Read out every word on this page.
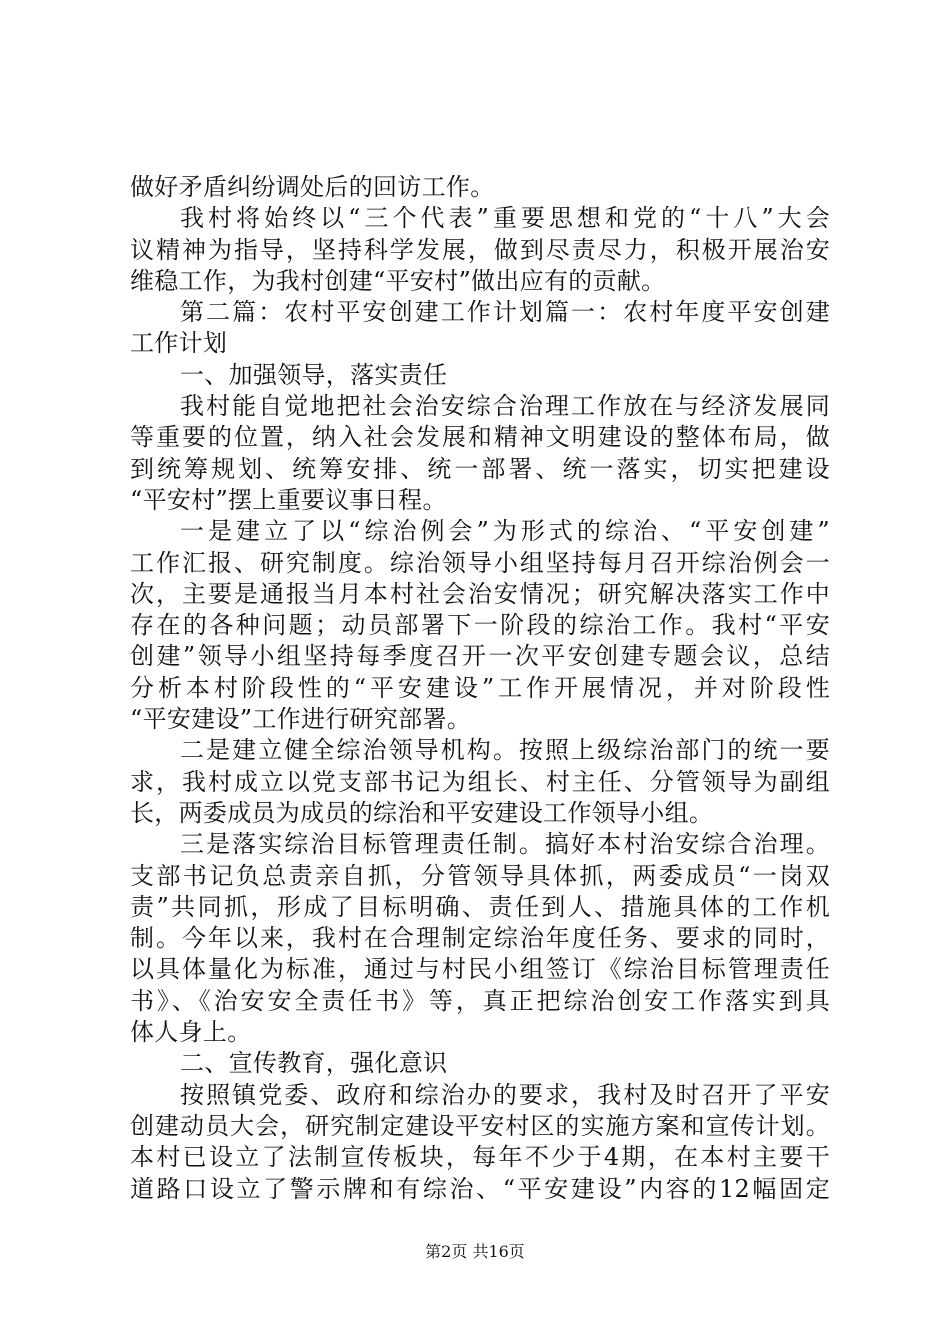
做好矛盾纠纷调处后的回访工作。
我村将始终以“三个代表”重要思想和党的“十八”大会
议精神为指导，坚持科学发展，做到尽责尽力，积极开展治安
维稳工作，为我村创建“平安村”做出应有的贡献。
第二篇：农村平安创建工作计划篇一：农村年度平安创建
工作计划
一、加强领导，落实责任
我村能自觉地把社会治安综合治理工作放在与经济发展同
等重要的位置，纳入社会发展和精神文明建设的整体布局，做
到统筹规划、统筹安排、统一部署、统一落实，切实把建设
“平安村”摆上重要议事日程。
一是建立了以“综治例会”为形式的综治、“平安创建”
工作汇报、研究制度。综治领导小组坚持每月召开综治例会一
次，主要是通报当月本村社会治安情况；研究解决落实工作中
存在的各种问题；动员部署下一阶段的综治工作。我村“平安
创建”领导小组坚持每季度召开一次平安创建专题会议，总结
分析本村阶段性的“平安建设”工作开展情况，并对阶段性
“平安建设”工作进行研究部署。
二是建立健全综治领导机构。按照上级综治部门的统一要
求，我村成立以党支部书记为组长、村主任、分管领导为副组
长，两委成员为成员的综治和平安建设工作领导小组。
三是落实综治目标管理责任制。搞好本村治安综合治理。
支部书记负总责亲自抓，分管领导具体抓，两委成员“一岗双
责”共同抓，形成了目标明确、责任到人、措施具体的工作机
制。今年以来，我村在合理制定综治年度任务、要求的同时，
以具体量化为标准，通过与村民小组签订《综治目标管理责任
书》、《治安安全责任书》等，真正把综治创安工作落实到具
体人身上。
二、宣传教育，强化意识
按照镇党委、政府和综治办的要求，我村及时召开了平安
创建动员大会，研究制定建设平安村区的实施方案和宣传计划。
本村已设立了法制宣传板块，每年不少于4期，在本村主要干
道路口设立了警示牌和有综治、“平安建设”内容的12幅固定
第2页 共16页
